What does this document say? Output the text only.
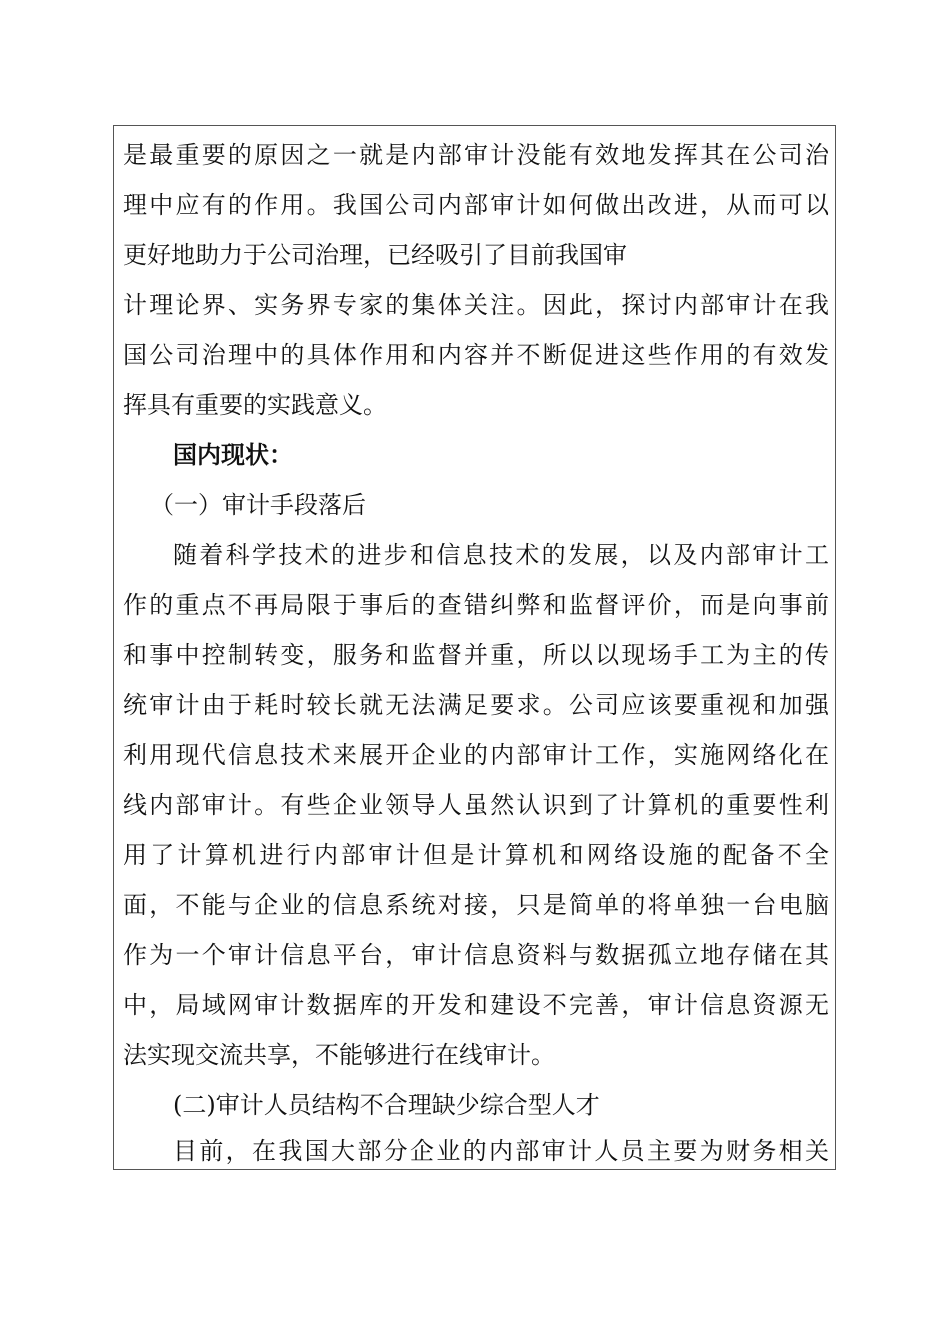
是最重要的原因之一就是内部审计没能有效地发挥其在公司治
理中应有的作用。我国公司内部审计如何做出改进，从而可以
更好地助力于公司治理，已经吸引了目前我国审
计理论界、实务界专家的集体关注。因此，探讨内部审计在我
国公司治理中的具体作用和内容并不断促进这些作用的有效发
挥具有重要的实践意义。
国内现状：
（一）审计手段落后
随着科学技术的进步和信息技术的发展，以及内部审计工
作的重点不再局限于事后的查错纠弊和监督评价，而是向事前
和事中控制转变，服务和监督并重，所以以现场手工为主的传
统审计由于耗时较长就无法满足要求。公司应该要重视和加强
利用现代信息技术来展开企业的内部审计工作，实施网络化在
线内部审计。有些企业领导人虽然认识到了计算机的重要性利
用了计算机进行内部审计但是计算机和网络设施的配备不全
面，不能与企业的信息系统对接，只是简单的将单独一台电脑
作为一个审计信息平台，审计信息资料与数据孤立地存储在其
中，局域网审计数据库的开发和建设不完善，审计信息资源无
法实现交流共享，不能够进行在线审计。
(二)审计人员结构不合理缺少综合型人才
目前，在我国大部分企业的内部审计人员主要为财务相关
